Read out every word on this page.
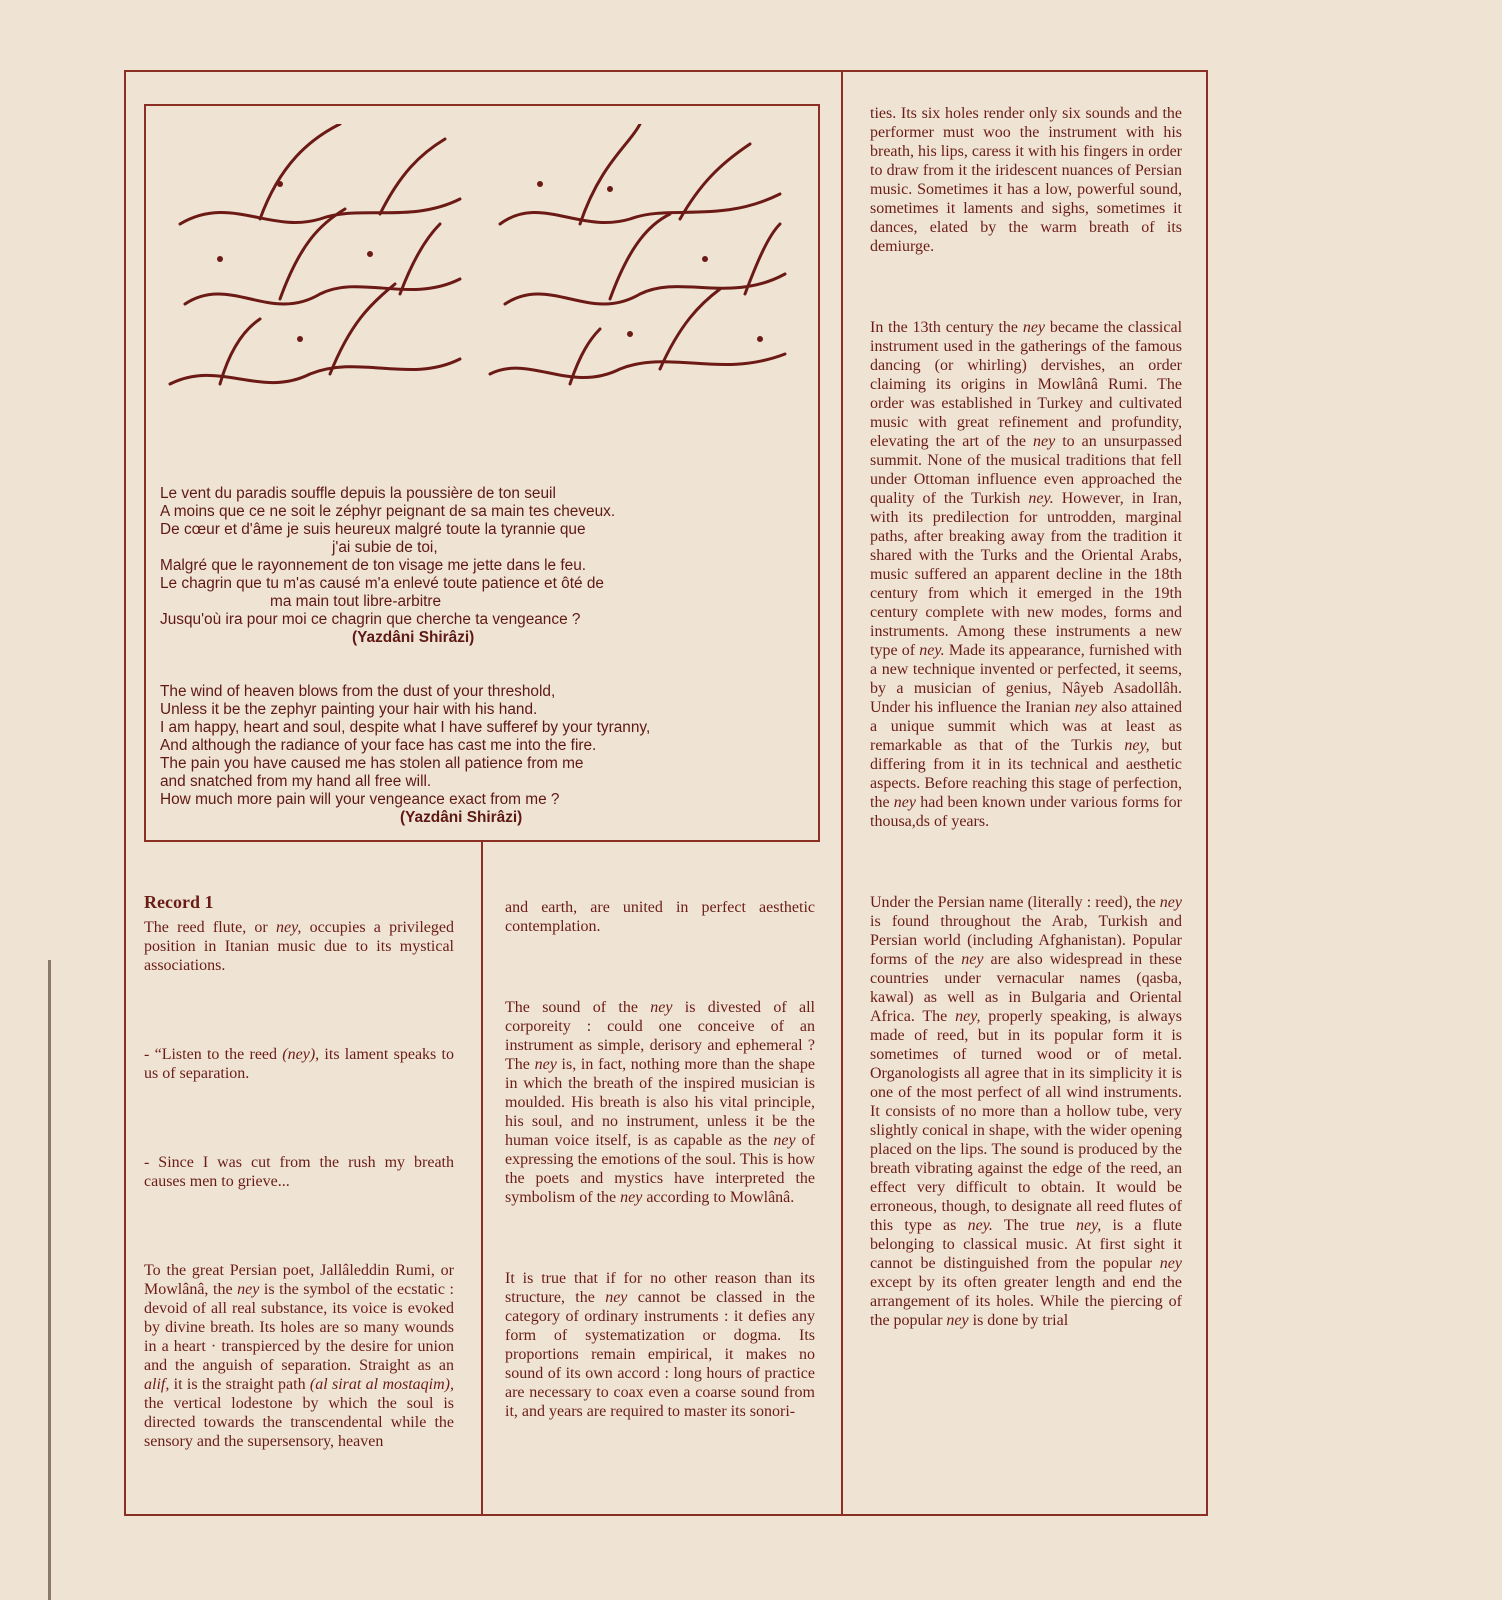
Le vent du paradis souffle depuis la poussière de ton seuil
A moins que ce ne soit le zéphyr peignant de sa main tes cheveux.
De cœur et d'âme je suis heureux malgré toute la tyrannie que
j'ai subie de toi,
Malgré que le rayonnement de ton visage me jette dans le feu.
Le chagrin que tu m'as causé m'a enlevé toute patience et ôté de
ma main tout libre-arbitre
Jusqu'où ira pour moi ce chagrin que cherche ta vengeance ?
(Yazdâni Shirâzi)
The wind of heaven blows from the dust of your threshold,
Unless it be the zephyr painting your hair with his hand.
I am happy, heart and soul, despite what I have sufferef by your tyranny,
And although the radiance of your face has cast me into the fire.
The pain you have caused me has stolen all patience from me
and snatched from my hand all free will.
How much more pain will your vengeance exact from me ?
(Yazdâni Shirâzi)

Record 1

The reed flute, or ney, occupies a privileged position in Itanian music due to its mystical associations.

- “Listen to the reed (ney), its lament speaks to us of separation.

- Since I was cut from the rush my breath causes men to grieve...

To the great Persian poet, Jallâleddin Rumi, or Mowlânâ, the ney is the symbol of the ecstatic : devoid of all real substance, its voice is evoked by divine breath. Its holes are so many wounds in a heart · transpierced by the desire for union and the anguish of separation. Straight as an alif, it is the straight path (al sirat al mostaqim), the vertical lodestone by which the soul is directed towards the transcendental while the sensory and the supersensory, heaven

and earth, are united in perfect aesthetic contemplation.

The sound of the ney is divested of all corporeity : could one conceive of an instrument as simple, derisory and ephemeral ? The ney is, in fact, nothing more than the shape in which the breath of the inspired musician is moulded. His breath is also his vital principle, his soul, and no instrument, unless it be the human voice itself, is as capable as the ney of expressing the emotions of the soul. This is how the poets and mystics have interpreted the symbolism of the ney according to Mowlânâ.

It is true that if for no other reason than its structure, the ney cannot be classed in the category of ordinary instruments : it defies any form of systematization or dogma. Its proportions remain empirical, it makes no sound of its own accord : long hours of practice are necessary to coax even a coarse sound from it, and years are required to master its sonori-

ties. Its six holes render only six sounds and the performer must woo the instrument with his breath, his lips, caress it with his fingers in order to draw from it the iridescent nuances of Persian music. Sometimes it has a low, powerful sound, sometimes it laments and sighs, sometimes it dances, elated by the warm breath of its demiurge.

In the 13th century the ney became the classical instrument used in the gatherings of the famous dancing (or whirling) dervishes, an order claiming its origins in Mowlânâ Rumi. The order was established in Turkey and cultivated music with great refinement and profundity, elevating the art of the ney to an unsurpassed summit. None of the musical traditions that fell under Ottoman influence even approached the quality of the Turkish ney. However, in Iran, with its predilection for untrodden, marginal paths, after breaking away from the tradition it shared with the Turks and the Oriental Arabs, music suffered an apparent decline in the 18th century from which it emerged in the 19th century complete with new modes, forms and instruments. Among these instruments a new type of ney. Made its appearance, furnished with a new technique invented or perfected, it seems, by a musician of genius, Nâyeb Asadollâh. Under his influence the Iranian ney also attained a unique summit which was at least as remarkable as that of the Turkis ney, but differing from it in its technical and aesthetic aspects. Before reaching this stage of perfection, the ney had been known under various forms for thousa,ds of years.

Under the Persian name (literally : reed), the ney is found throughout the Arab, Turkish and Persian world (including Afghanistan). Popular forms of the ney are also widespread in these countries under vernacular names (qasba, kawal) as well as in Bulgaria and Oriental Africa. The ney, properly speaking, is always made of reed, but in its popular form it is sometimes of turned wood or of metal. Organologists all agree that in its simplicity it is one of the most perfect of all wind instruments. It consists of no more than a hollow tube, very slightly conical in shape, with the wider opening placed on the lips. The sound is produced by the breath vibrating against the edge of the reed, an effect very difficult to obtain. It would be erroneous, though, to designate all reed flutes of this type as ney. The true ney, is a flute belonging to classical music. At first sight it cannot be distinguished from the popular ney except by its often greater length and end the arrangement of its holes. While the piercing of the popular ney is done by trial
